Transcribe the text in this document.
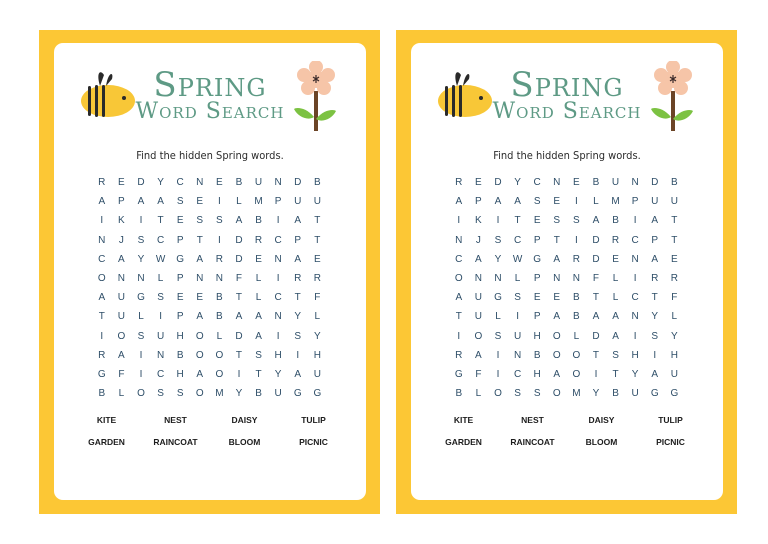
Spring
Word Search
Find the hidden Spring words.
R	E	D	Y	C	N	E	B	U	N	D	B
A	P	A	A	S	E	I	L	M	P	U	U
I	K	I	T	E	S	S	A	B	I	A	T
N	J	S	C	P	T	I	D	R	C	P	T
C	A	Y	W	G	A	R	D	E	N	A	E
O	N	N	L	P	N	N	F	L	I	R	R
A	U	G	S	E	E	B	T	L	C	T	F
T	U	L	I	P	A	B	A	A	N	Y	L
I	O	S	U	H	O	L	D	A	I	S	Y
R	A	I	N	B	O	O	T	S	H	I	H
G	F	I	C	H	A	O	I	T	Y	A	U
B	L	O	S	S	O	M	Y	B	U	G	G
KITE	NEST	DAISY	TULIP
GARDEN	RAINCOAT	BLOOM	PICNIC
Spring
Word Search
Find the hidden Spring words.
R	E	D	Y	C	N	E	B	U	N	D	B
A	P	A	A	S	E	I	L	M	P	U	U
I	K	I	T	E	S	S	A	B	I	A	T
N	J	S	C	P	T	I	D	R	C	P	T
C	A	Y	W	G	A	R	D	E	N	A	E
O	N	N	L	P	N	N	F	L	I	R	R
A	U	G	S	E	E	B	T	L	C	T	F
T	U	L	I	P	A	B	A	A	N	Y	L
I	O	S	U	H	O	L	D	A	I	S	Y
R	A	I	N	B	O	O	T	S	H	I	H
G	F	I	C	H	A	O	I	T	Y	A	U
B	L	O	S	S	O	M	Y	B	U	G	G
KITE	NEST	DAISY	TULIP
GARDEN	RAINCOAT	BLOOM	PICNIC
